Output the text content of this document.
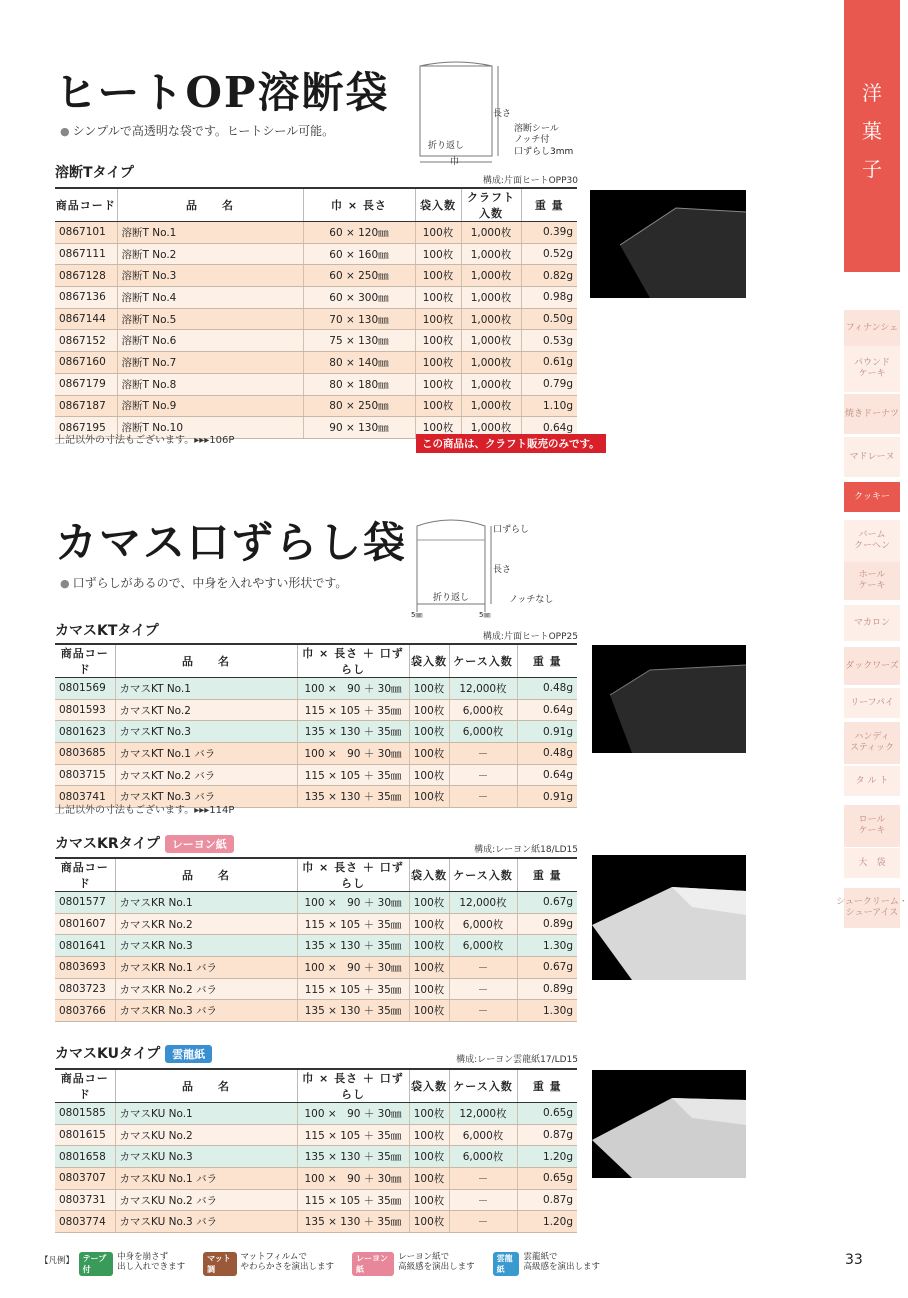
洋
菓
子
フィナンシェ
パウンド
ケーキ
焼きドーナツ
マドレーヌ
クッキー
バーム
クーヘン
ホール
ケーキ
マカロン
ダックワーズ
リーフパイ
ハンディ
スティック
タ ル ト
ロール
ケーキ
大　袋
シュークリーム・
シューアイス
ヒートOP溶断袋
● シンプルで高透明な袋です。ヒートシール可能。
長さ
折り返し
巾
溶断シール
ノッチ付
口ずらし3mm
溶断Tタイプ	構成:片面ヒートOPP30
商品コード	品　　名	巾 × 長さ	袋入数	クラフト入数	重 量
0867101	溶断T No.1	60 × 120㎜	100枚	1,000枚	0.39g
0867111	溶断T No.2	60 × 160㎜	100枚	1,000枚	0.52g
0867128	溶断T No.3	60 × 250㎜	100枚	1,000枚	0.82g
0867136	溶断T No.4	60 × 300㎜	100枚	1,000枚	0.98g
0867144	溶断T No.5	70 × 130㎜	100枚	1,000枚	0.50g
0867152	溶断T No.6	75 × 130㎜	100枚	1,000枚	0.53g
0867160	溶断T No.7	80 × 140㎜	100枚	1,000枚	0.61g
0867179	溶断T No.8	80 × 180㎜	100枚	1,000枚	0.79g
0867187	溶断T No.9	80 × 250㎜	100枚	1,000枚	1.10g
0867195	溶断T No.10	90 × 130㎜	100枚	1,000枚	0.64g
上記以外の寸法もございます。▸▸▸106P	この商品は、クラフト販売のみです。
カマス口ずらし袋
● 口ずらしがあるので、中身を入れやすい形状です。
口ずらし
長さ
折り返し	ノッチなし
5㎜	5㎜
カマスKTタイプ	構成:片面ヒートOPP25
商品コード	品　　名	巾 × 長さ ＋ 口ずらし	袋入数	ケース入数	重 量
0801569	カマスKT No.1	100 ×　90 ＋ 30㎜	100枚	12,000枚	0.48g
0801593	カマスKT No.2	115 × 105 ＋ 35㎜	100枚	6,000枚	0.64g
0801623	カマスKT No.3	135 × 130 ＋ 35㎜	100枚	6,000枚	0.91g
0803685	カマスKT No.1 バラ	100 ×　90 ＋ 30㎜	100枚	－	0.48g
0803715	カマスKT No.2 バラ	115 × 105 ＋ 35㎜	100枚	－	0.64g
0803741	カマスKT No.3 バラ	135 × 130 ＋ 35㎜	100枚	－	0.91g
上記以外の寸法もございます。▸▸▸114P
カマスKRタイプ レーヨン紙	構成:レーヨン紙18/LD15
商品コード	品　　名	巾 × 長さ ＋ 口ずらし	袋入数	ケース入数	重 量
0801577	カマスKR No.1	100 ×　90 ＋ 30㎜	100枚	12,000枚	0.67g
0801607	カマスKR No.2	115 × 105 ＋ 35㎜	100枚	6,000枚	0.89g
0801641	カマスKR No.3	135 × 130 ＋ 35㎜	100枚	6,000枚	1.30g
0803693	カマスKR No.1 バラ	100 ×　90 ＋ 30㎜	100枚	－	0.67g
0803723	カマスKR No.2 バラ	115 × 105 ＋ 35㎜	100枚	－	0.89g
0803766	カマスKR No.3 バラ	135 × 130 ＋ 35㎜	100枚	－	1.30g
カマスKUタイプ 雲龍紙	構成:レーヨン雲龍紙17/LD15
商品コード	品　　名	巾 × 長さ ＋ 口ずらし	袋入数	ケース入数	重 量
0801585	カマスKU No.1	100 ×　90 ＋ 30㎜	100枚	12,000枚	0.65g
0801615	カマスKU No.2	115 × 105 ＋ 35㎜	100枚	6,000枚	0.87g
0801658	カマスKU No.3	135 × 130 ＋ 35㎜	100枚	6,000枚	1.20g
0803707	カマスKU No.1 バラ	100 ×　90 ＋ 30㎜	100枚	－	0.65g
0803731	カマスKU No.2 バラ	115 × 105 ＋ 35㎜	100枚	－	0.87g
0803774	カマスKU No.3 バラ	135 × 130 ＋ 35㎜	100枚	－	1.20g
【凡例】	テープ付
中身を崩さず
出し入れできます
マット調
マットフィルムで
やわらかさを演出します
レーヨン紙
レーヨン紙で
高級感を演出します
雲龍紙
雲龍紙で
高級感を演出します	33
